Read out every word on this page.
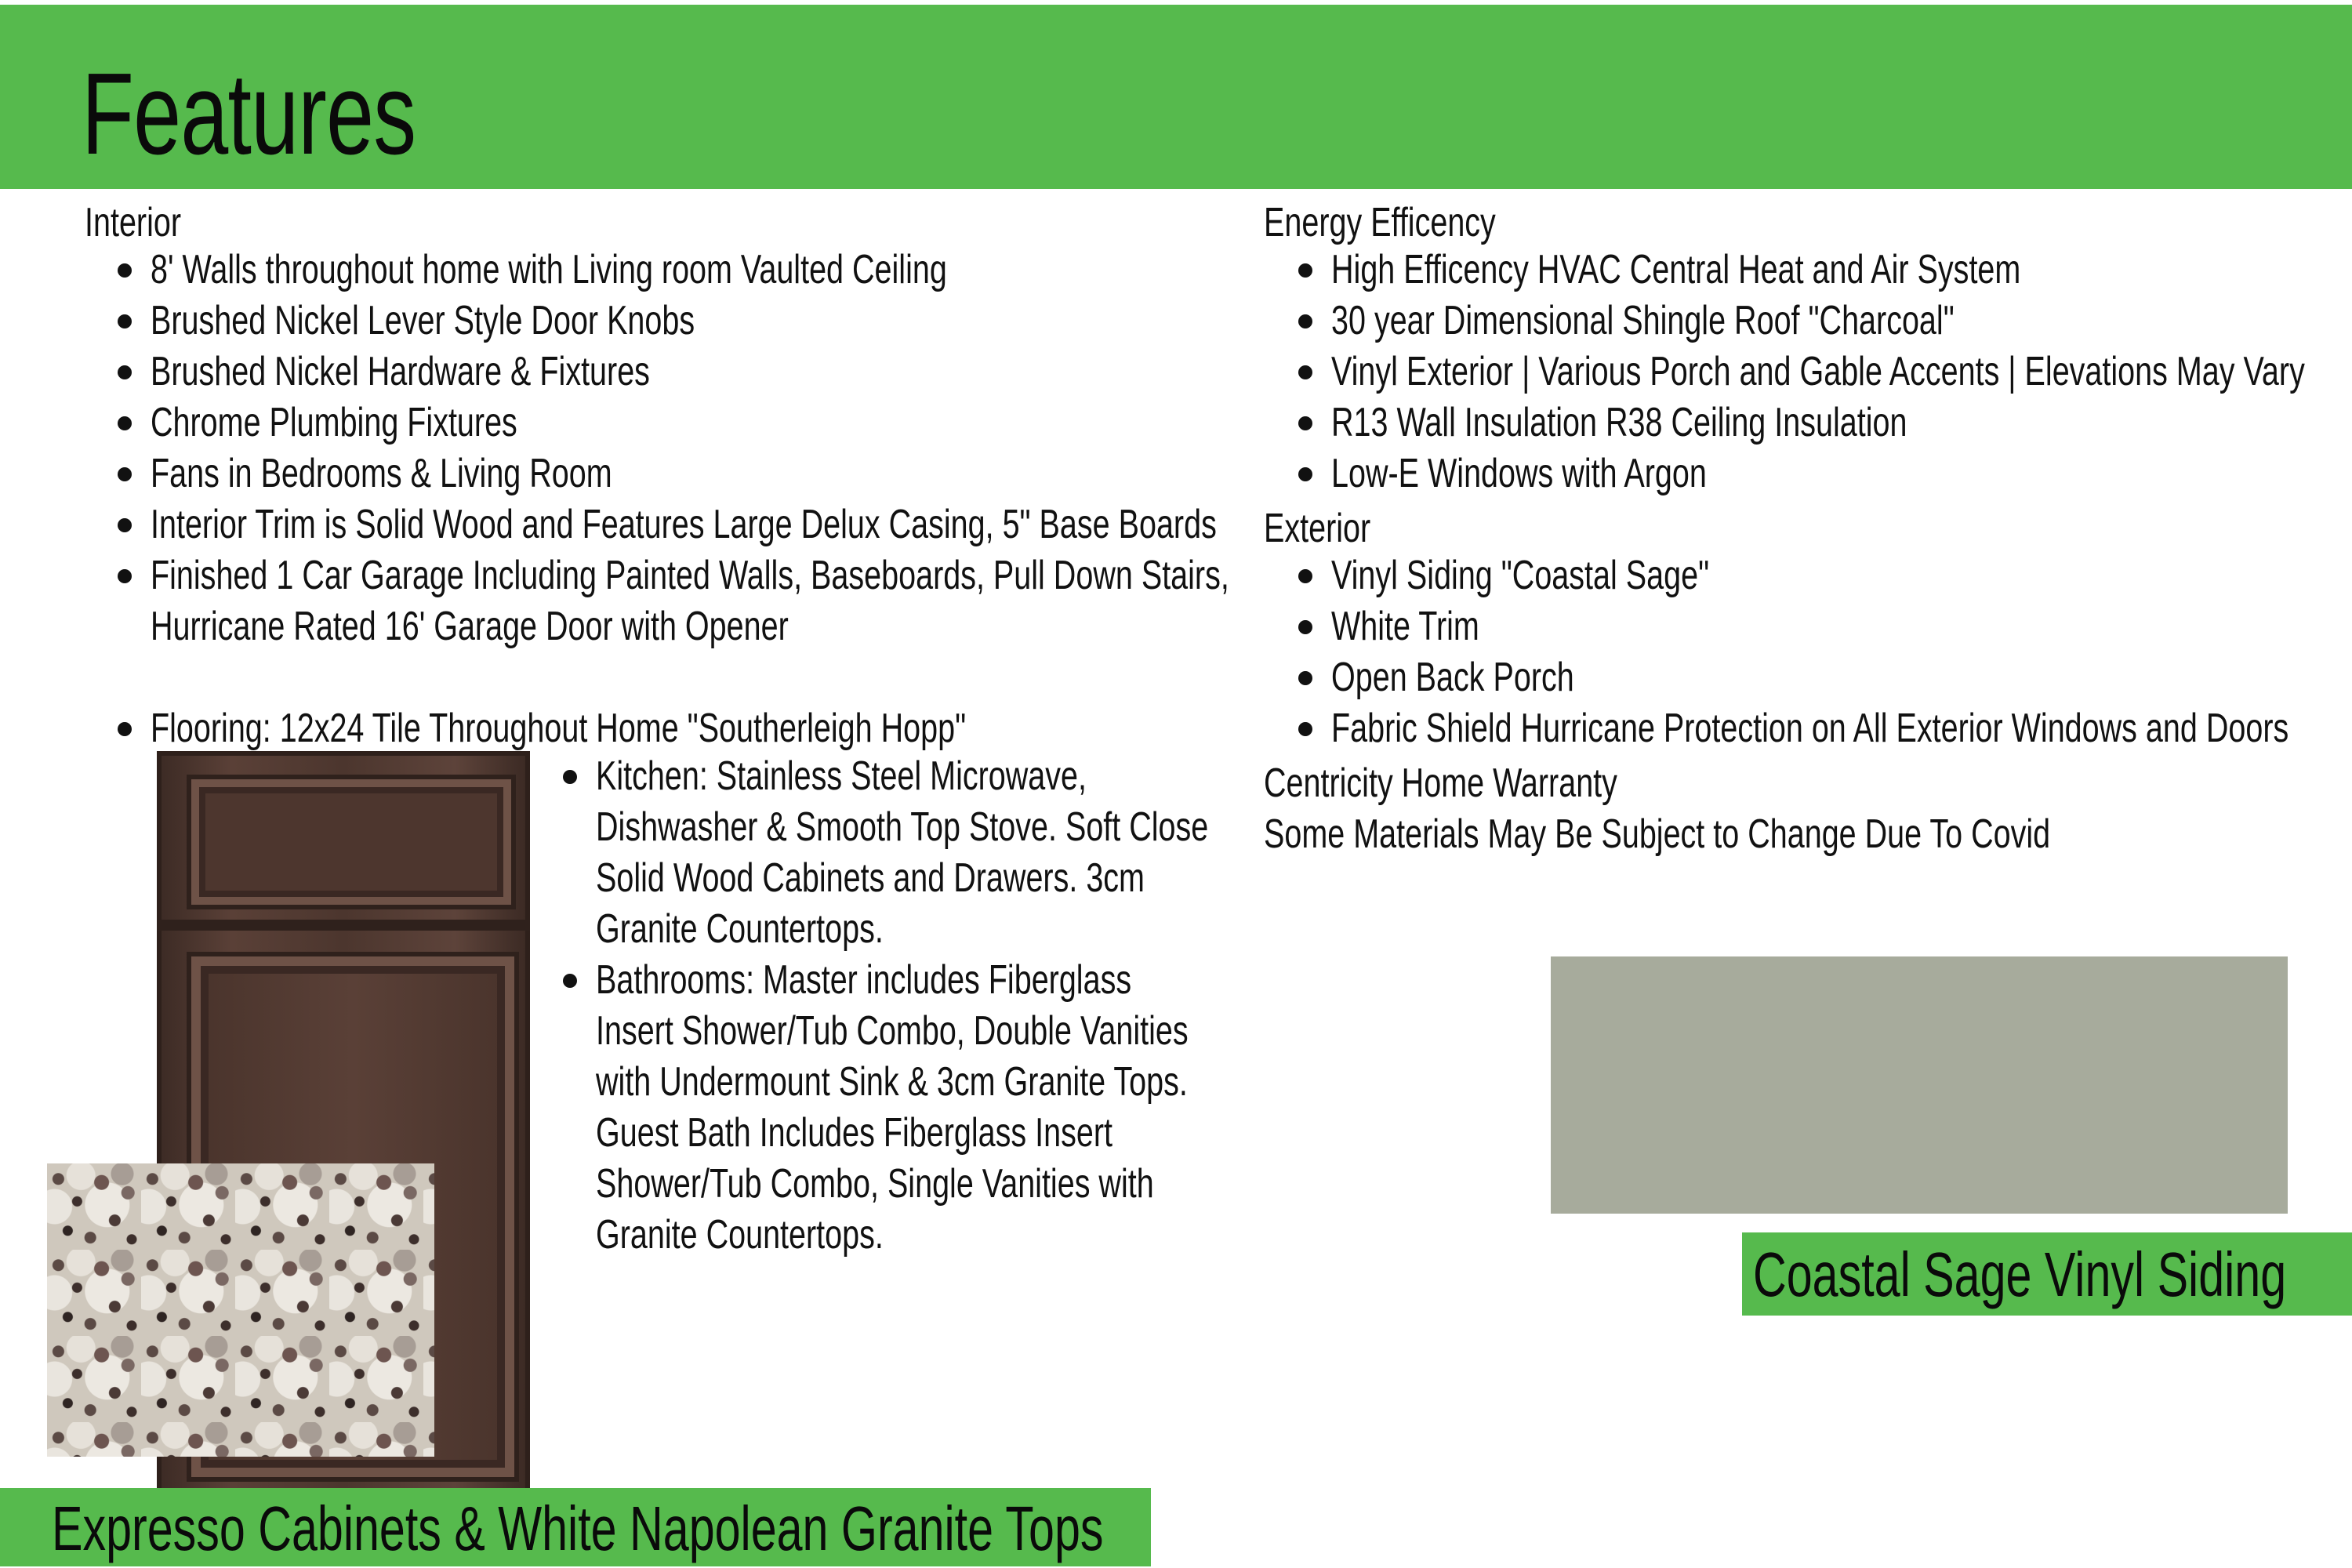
Features
Interior
8' Walls throughout home with Living room Vaulted Ceiling
Brushed Nickel Lever Style Door Knobs
Brushed Nickel Hardware & Fixtures
Chrome Plumbing Fixtures
Fans in Bedrooms & Living Room
Interior Trim is Solid Wood and Features Large Delux Casing, 5" Base Boards
Finished 1 Car Garage Including Painted Walls, Baseboards, Pull Down Stairs, Hurricane Rated 16' Garage Door with Opener
Flooring: 12x24 Tile Throughout Home "Southerleigh Hopp"
Kitchen: Stainless Steel Microwave, Dishwasher & Smooth Top Stove. Soft Close Solid Wood Cabinets and Drawers. 3cm Granite Countertops.
Bathrooms: Master includes Fiberglass Insert Shower/Tub Combo, Double Vanities with Undermount Sink & 3cm Granite Tops. Guest Bath Includes Fiberglass Insert Shower/Tub Combo, Single Vanities with Granite Countertops.
Expresso Cabinets & White Napolean Granite Tops
Energy Efficency
High Efficency HVAC Central Heat and Air System
30 year Dimensional Shingle Roof "Charcoal"
Vinyl Exterior | Various Porch and Gable Accents | Elevations May Vary
R13 Wall Insulation R38 Ceiling Insulation
Low-E Windows with Argon
Exterior
Vinyl Siding "Coastal Sage"
White Trim
Open Back Porch
Fabric Shield Hurricane Protection on All Exterior Windows and Doors
Centricity Home Warranty
Some Materials May Be Subject to Change Due To Covid
Coastal Sage Vinyl Siding
